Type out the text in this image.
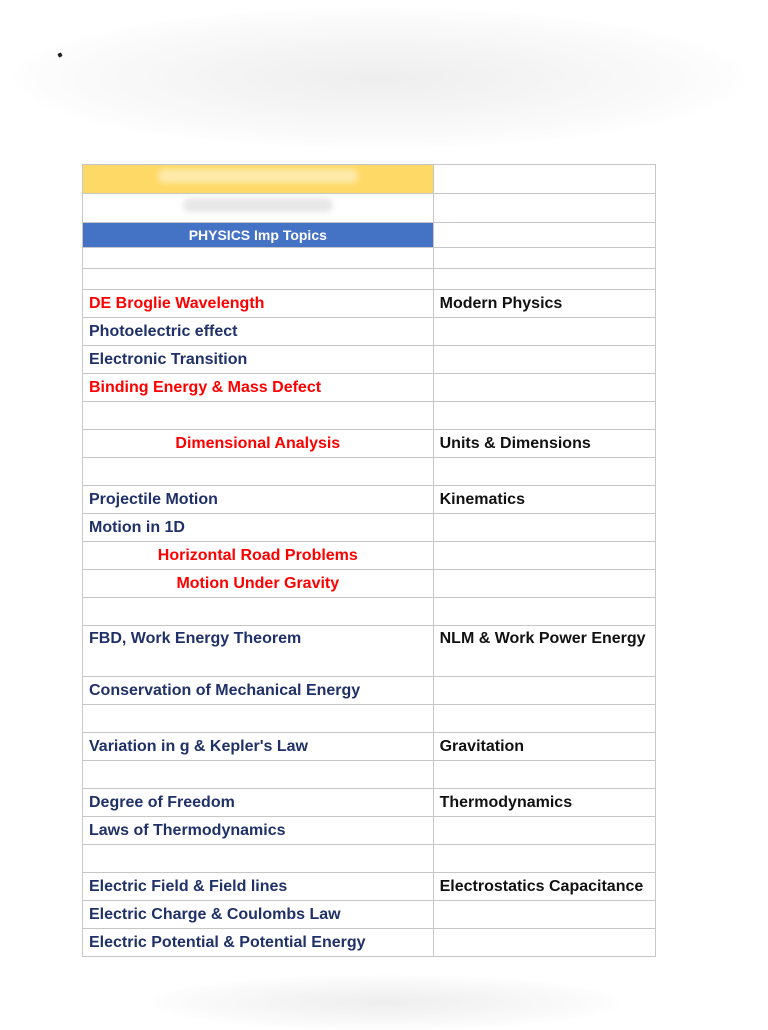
PHYSICS Imp Topics	

DE Broglie Wavelength	Modern Physics
Photoelectric effect	
Electronic Transition	
Binding Energy & Mass Defect	

Dimensional Analysis	Units & Dimensions

Projectile Motion	Kinematics
Motion in 1D	
Horizontal Road Problems	
Motion Under Gravity	

FBD, Work Energy Theorem	NLM & Work Power Energy
Conservation of Mechanical Energy	

Variation in g & Kepler's Law	Gravitation

Degree of Freedom	Thermodynamics
Laws of Thermodynamics	

Electric Field & Field lines	Electrostatics Capacitance
Electric Charge & Coulombs Law	
Electric Potential & Potential Energy	
